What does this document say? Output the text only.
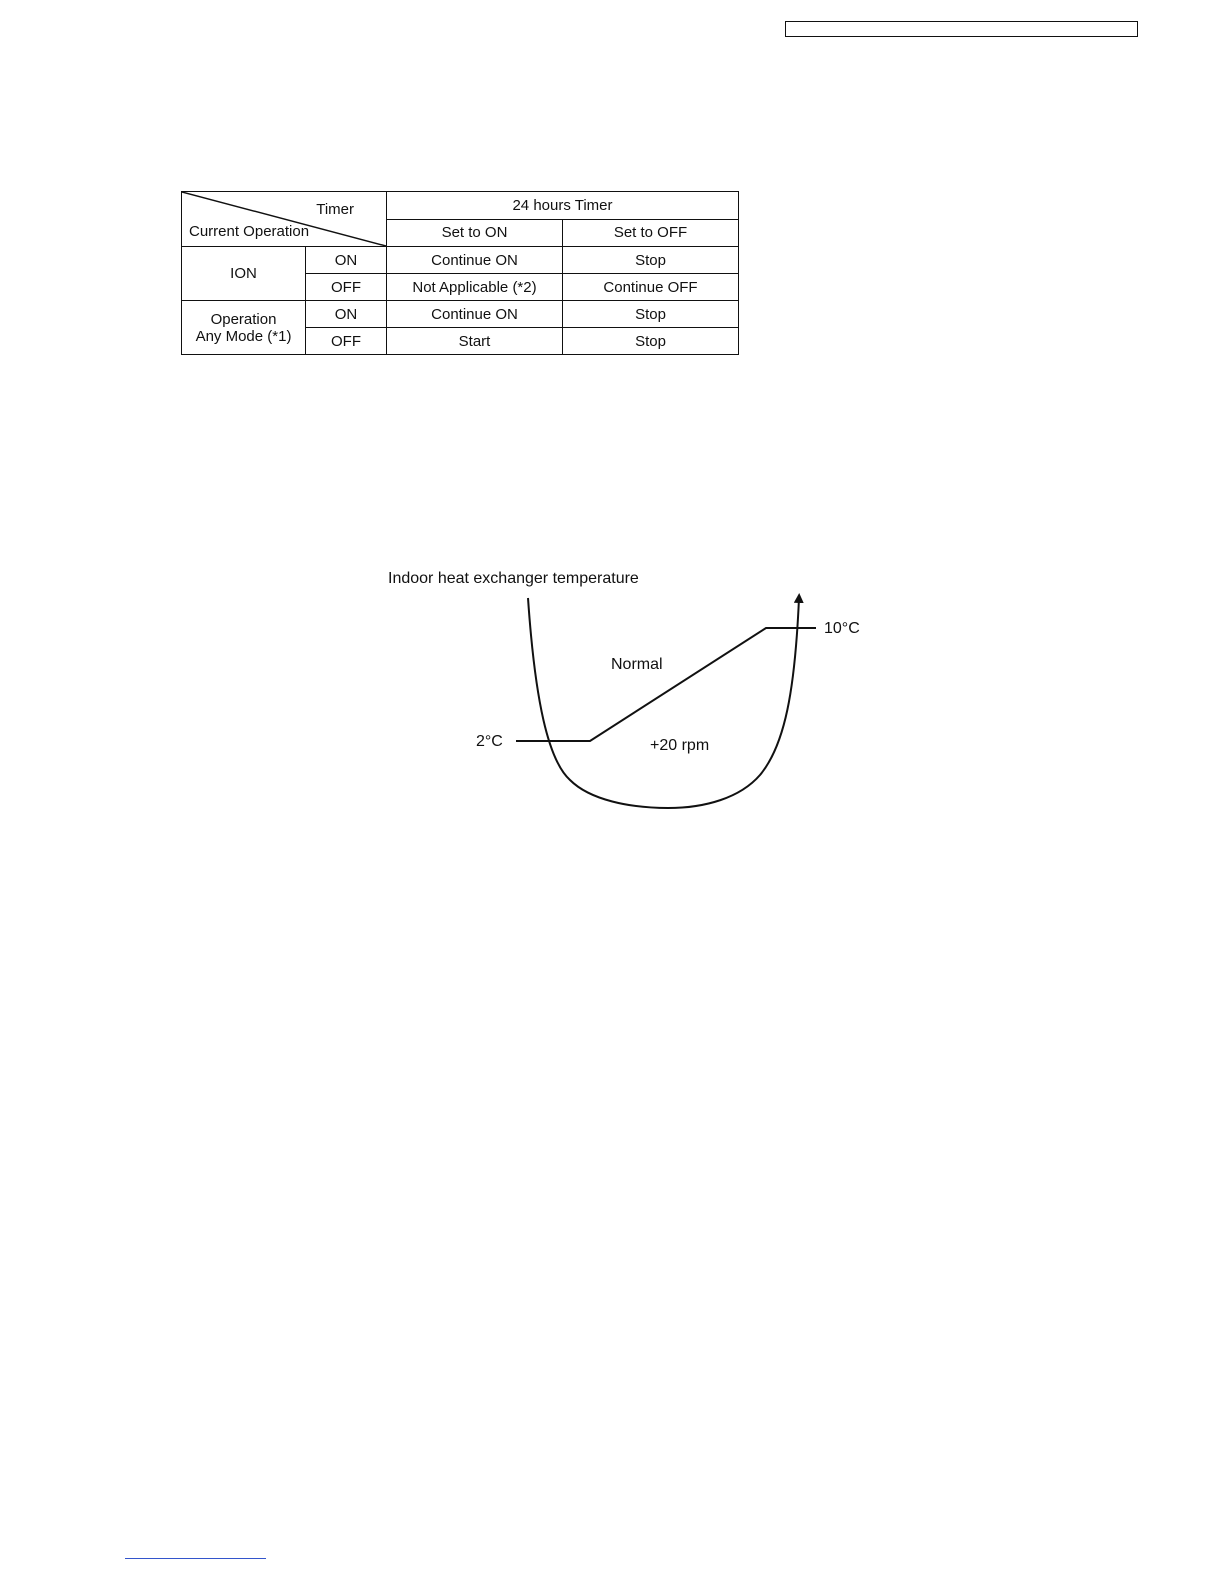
Timer
Current Operation		24 hours Timer	
		Set to ON	Set to OFF
ION	ON	Continue ON	Stop
	OFF	Not Applicable (*2)	Continue OFF

Operation
Any Mode (*1)	ON	Continue ON	Stop
	OFF	Start	Stop
Indoor heat exchanger temperature
10°C
2°C
Normal
+20 rpm
